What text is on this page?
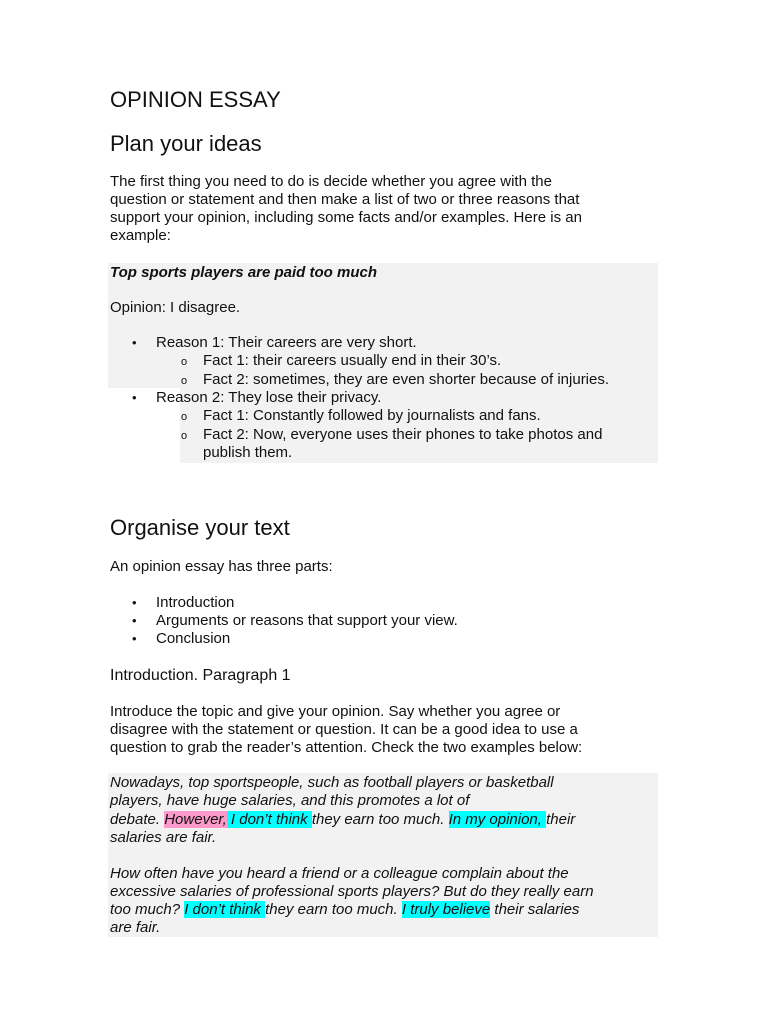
OPINION ESSAY
Plan your ideas
The first thing you need to do is decide whether you agree with the
question or statement and then make a list of two or three reasons that
support your opinion, including some facts and/or examples. Here is an
example:
Top sports players are paid too much
Opinion: I disagree.
• Reason 1: Their careers are very short.
o Fact 1: their careers usually end in their 30’s.
o Fact 2: sometimes, they are even shorter because of injuries.
• Reason 2: They lose their privacy.
o Fact 1: Constantly followed by journalists and fans.
o Fact 2: Now, everyone uses their phones to take photos and
publish them.
Organise your text
An opinion essay has three parts:
• Introduction
• Arguments or reasons that support your view.
• Conclusion
Introduction. Paragraph 1
Introduce the topic and give your opinion. Say whether you agree or
disagree with the statement or question. It can be a good idea to use a
question to grab the reader’s attention. Check the two examples below:
Nowadays, top sportspeople, such as football players or basketball
players, have huge salaries, and this promotes a lot of
debate. However, I don’t think they earn too much. In my opinion, their
salaries are fair.
How often have you heard a friend or a colleague complain about the
excessive salaries of professional sports players? But do they really earn
too much? I don’t think they earn too much. I truly believe their salaries
are fair.
